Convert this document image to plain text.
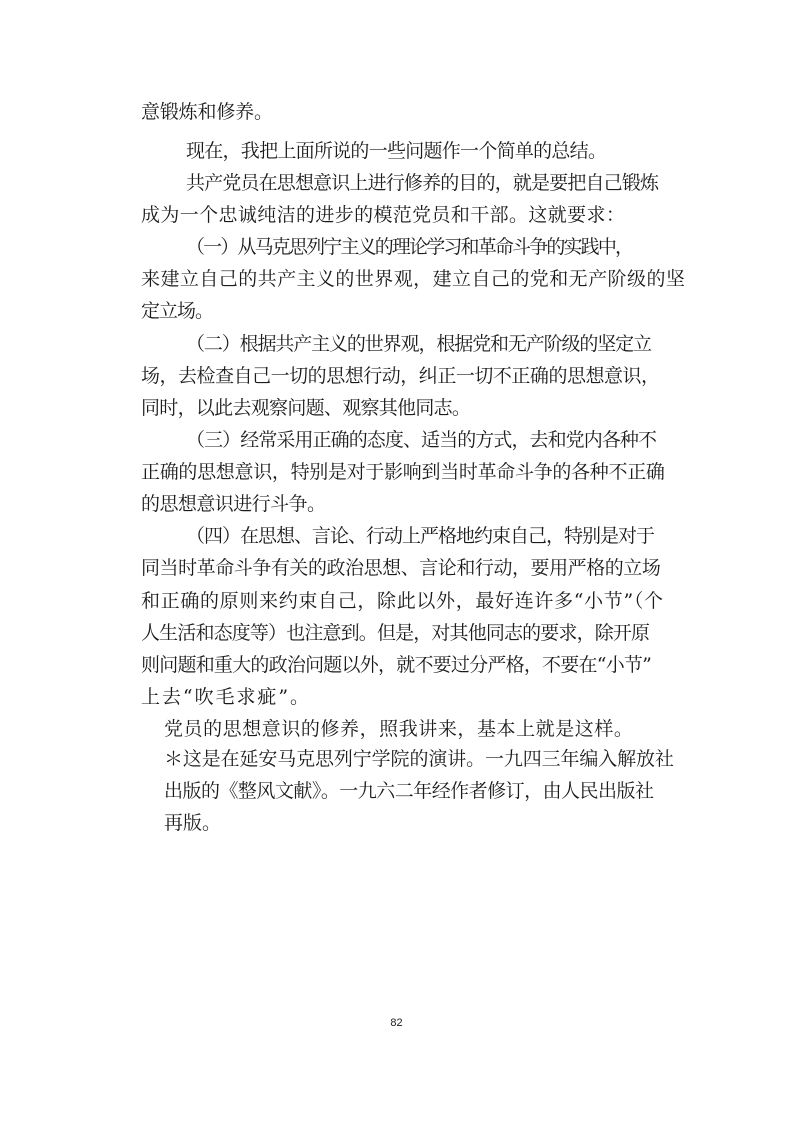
意锻炼和修养。
现在，我把上面所说的一些问题作一个简单的总结。
共产党员在思想意识上进行修养的目的，就是要把自己锻炼
成为一个忠诚纯洁的进步的模范党员和干部。这就要求：
（一）从马克思列宁主义的理论学习和革命斗争的实践中，
来建立自己的共产主义的世界观，建立自己的党和无产阶级的坚
定立场。
（二）根据共产主义的世界观，根据党和无产阶级的坚定立
场，去检查自己一切的思想行动，纠正一切不正确的思想意识，
同时，以此去观察问题、观察其他同志。
（三）经常采用正确的态度、适当的方式，去和党内各种不
正确的思想意识，特别是对于影响到当时革命斗争的各种不正确
的思想意识进行斗争。
（四）在思想、言论、行动上严格地约束自己，特别是对于
同当时革命斗争有关的政治思想、言论和行动，要用严格的立场
和正确的原则来约束自己，除此以外，最好连许多“小节”（个
人生活和态度等）也注意到。但是，对其他同志的要求，除开原
则问题和重大的政治问题以外，就不要过分严格，不要在“小节”
上去“吹毛求疵”。
党员的思想意识的修养，照我讲来，基本上就是这样。
＊这是在延安马克思列宁学院的演讲。一九四三年编入解放社
出版的《整风文献》。一九六二年经作者修订，由人民出版社
再版。
82
